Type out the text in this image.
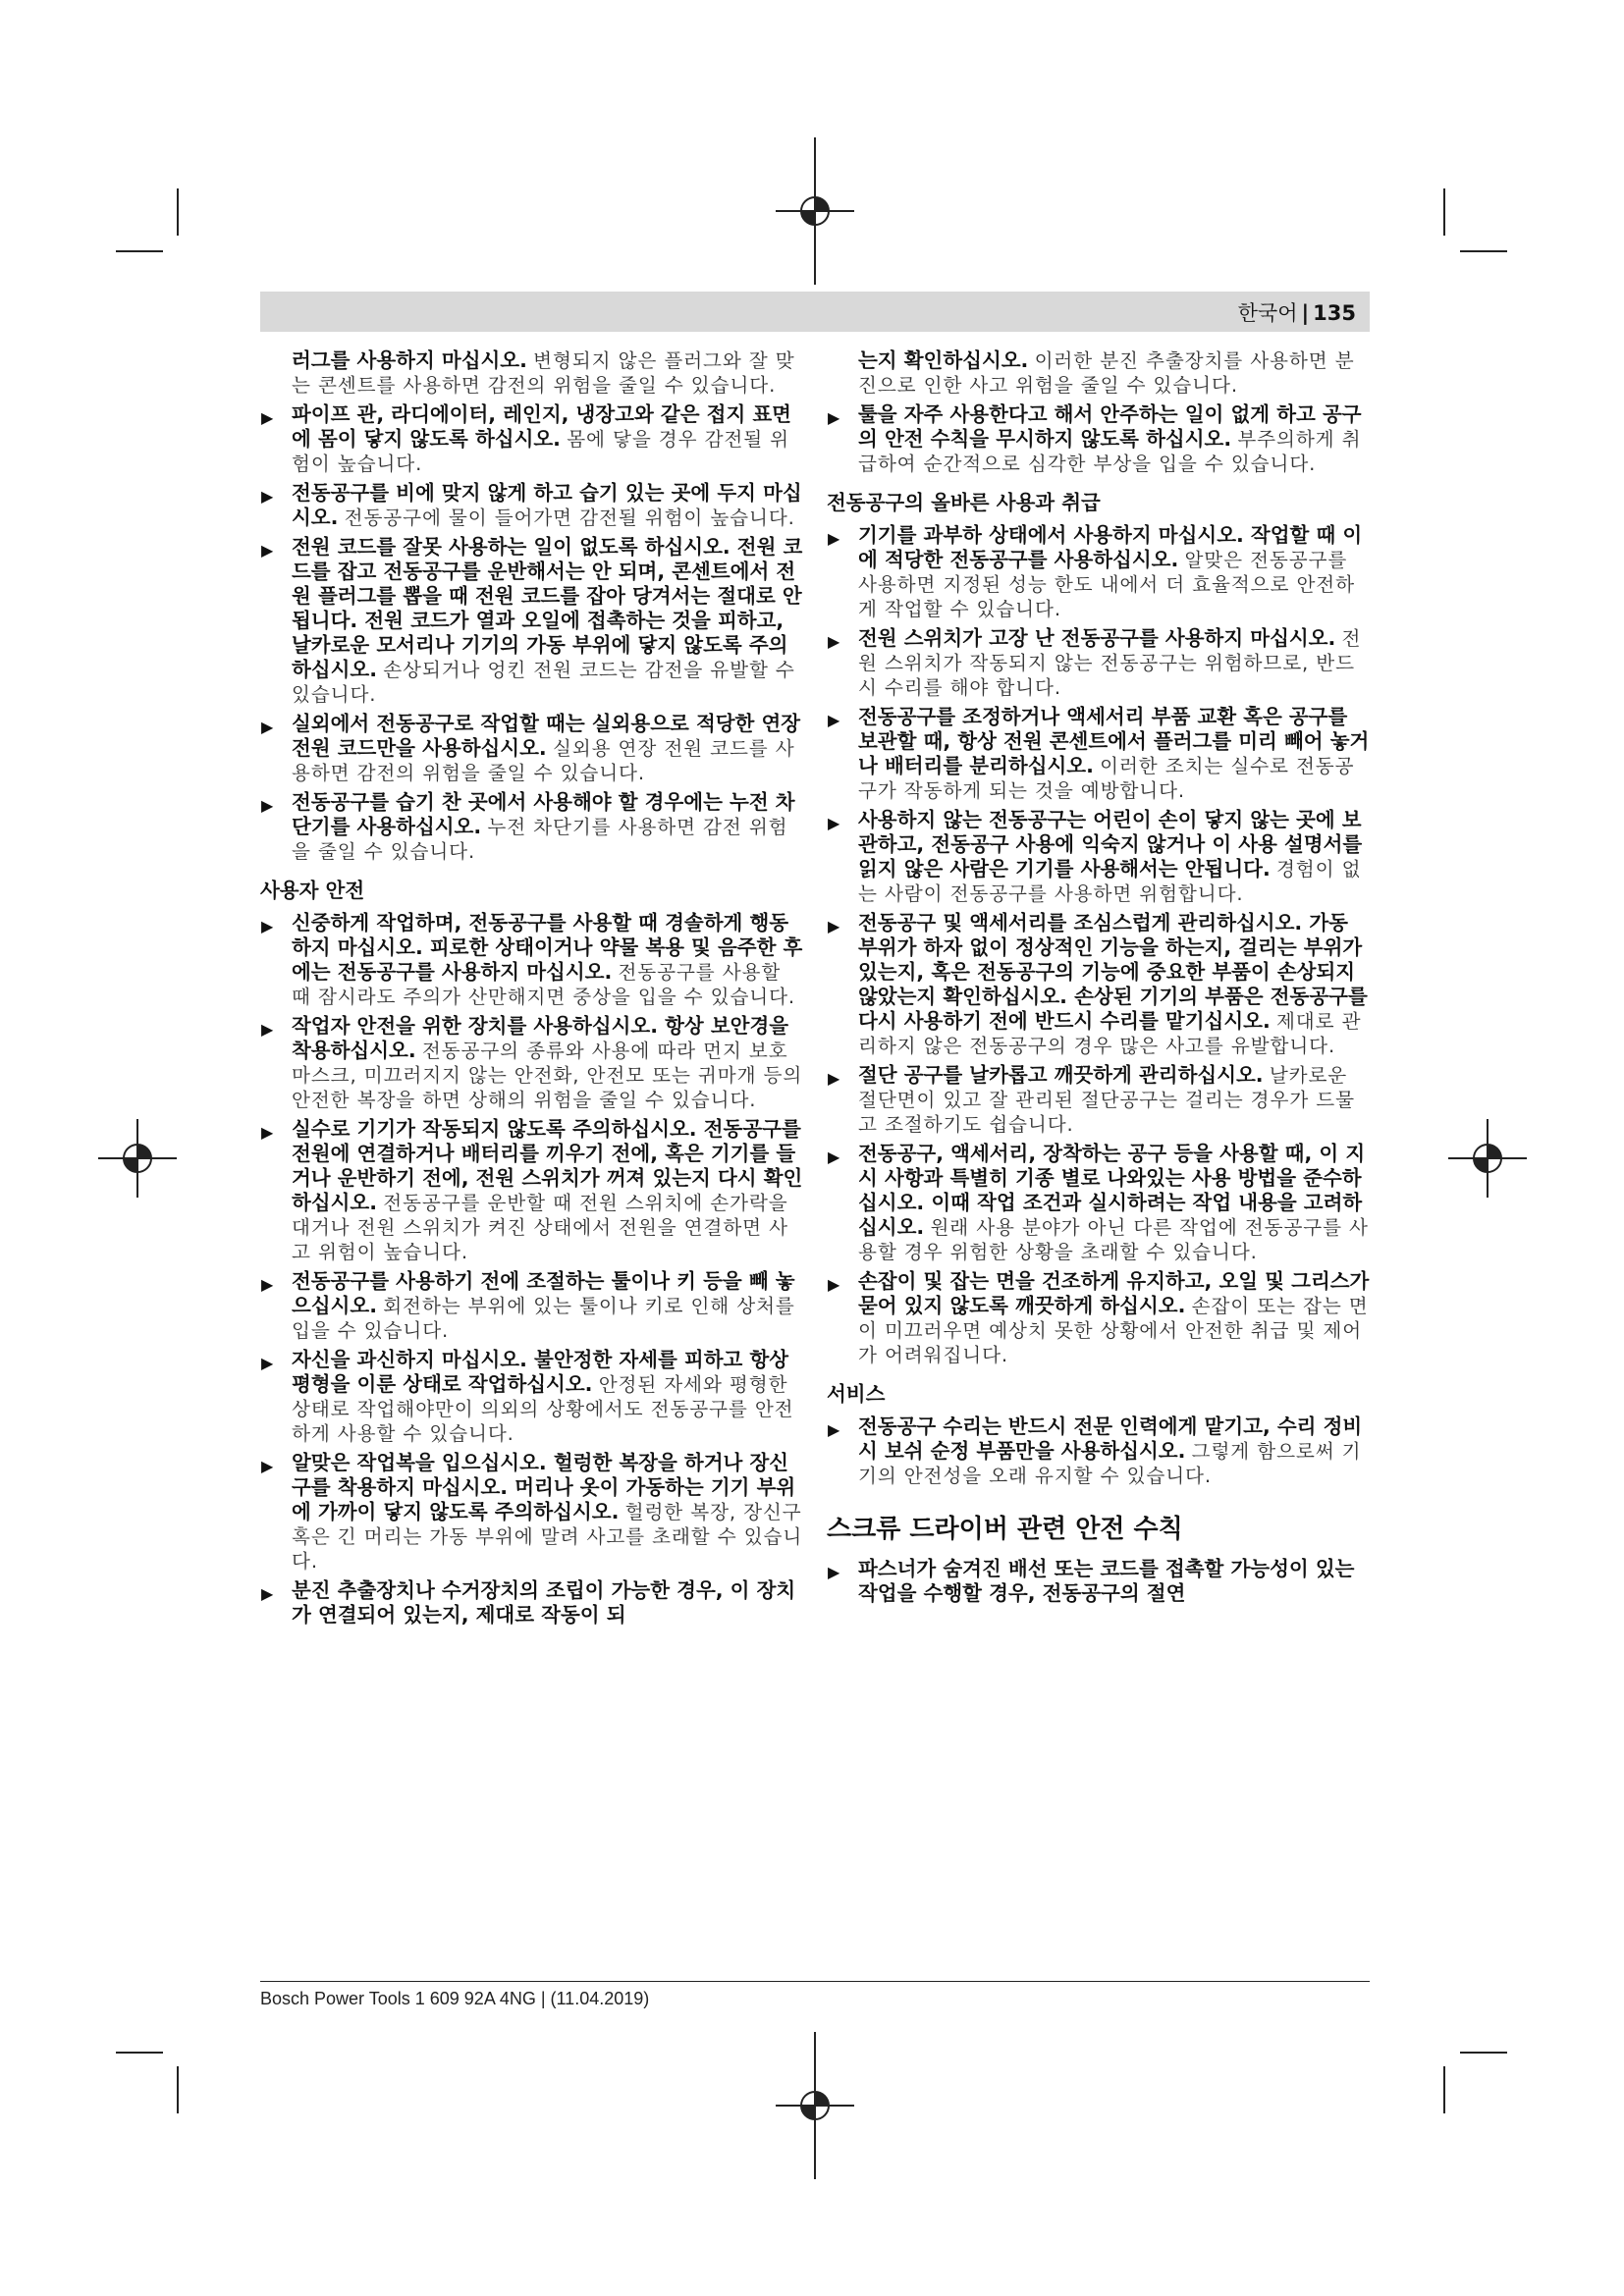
한국어 | 135
러그를 사용하지 마십시오. 변형되지 않은 플러그와 잘 맞는 콘센트를 사용하면 감전의 위험을 줄일 수 있습니다.
▶ 파이프 관, 라디에이터, 레인지, 냉장고와 같은 접지 표면에 몸이 닿지 않도록 하십시오. 몸에 닿을 경우 감전될 위험이 높습니다.
▶ 전동공구를 비에 맞지 않게 하고 습기 있는 곳에 두지 마십시오. 전동공구에 물이 들어가면 감전될 위험이 높습니다.
▶ 전원 코드를 잘못 사용하는 일이 없도록 하십시오. 전원 코드를 잡고 전동공구를 운반해서는 안 되며, 콘센트에서 전원 플러그를 뽑을 때 전원 코드를 잡아 당겨서는 절대로 안 됩니다. 전원 코드가 열과 오일에 접촉하는 것을 피하고, 날카로운 모서리나 기기의 가동 부위에 닿지 않도록 주의하십시오. 손상되거나 엉킨 전원 코드는 감전을 유발할 수 있습니다.
▶ 실외에서 전동공구로 작업할 때는 실외용으로 적당한 연장 전원 코드만을 사용하십시오. 실외용 연장 전원 코드를 사용하면 감전의 위험을 줄일 수 있습니다.
▶ 전동공구를 습기 찬 곳에서 사용해야 할 경우에는 누전 차단기를 사용하십시오. 누전 차단기를 사용하면 감전 위험을 줄일 수 있습니다.
사용자 안전
▶ 신중하게 작업하며, 전동공구를 사용할 때 경솔하게 행동하지 마십시오. 피로한 상태이거나 약물 복용 및 음주한 후에는 전동공구를 사용하지 마십시오. 전동공구를 사용할 때 잠시라도 주의가 산만해지면 중상을 입을 수 있습니다.
▶ 작업자 안전을 위한 장치를 사용하십시오. 항상 보안경을 착용하십시오. 전동공구의 종류와 사용에 따라 먼지 보호 마스크, 미끄러지지 않는 안전화, 안전모 또는 귀마개 등의 안전한 복장을 하면 상해의 위험을 줄일 수 있습니다.
▶ 실수로 기기가 작동되지 않도록 주의하십시오. 전동공구를 전원에 연결하거나 배터리를 끼우기 전에, 혹은 기기를 들거나 운반하기 전에, 전원 스위치가 꺼져 있는지 다시 확인하십시오. 전동공구를 운반할 때 전원 스위치에 손가락을 대거나 전원 스위치가 켜진 상태에서 전원을 연결하면 사고 위험이 높습니다.
▶ 전동공구를 사용하기 전에 조절하는 툴이나 키 등을 빼 놓으십시오. 회전하는 부위에 있는 툴이나 키로 인해 상처를 입을 수 있습니다.
▶ 자신을 과신하지 마십시오. 불안정한 자세를 피하고 항상 평형을 이룬 상태로 작업하십시오. 안정된 자세와 평형한 상태로 작업해야만이 의외의 상황에서도 전동공구를 안전하게 사용할 수 있습니다.
▶ 알맞은 작업복을 입으십시오. 헐렁한 복장을 하거나 장신구를 착용하지 마십시오. 머리나 옷이 가동하는 기기 부위에 가까이 닿지 않도록 주의하십시오. 헐렁한 복장, 장신구 혹은 긴 머리는 가동 부위에 말려 사고를 초래할 수 있습니다.
▶ 분진 추출장치나 수거장치의 조립이 가능한 경우, 이 장치가 연결되어 있는지, 제대로 작동이 되
는지 확인하십시오. 이러한 분진 추출장치를 사용하면 분진으로 인한 사고 위험을 줄일 수 있습니다.
▶ 툴을 자주 사용한다고 해서 안주하는 일이 없게 하고 공구의 안전 수칙을 무시하지 않도록 하십시오. 부주의하게 취급하여 순간적으로 심각한 부상을 입을 수 있습니다.
전동공구의 올바른 사용과 취급
▶ 기기를 과부하 상태에서 사용하지 마십시오. 작업할 때 이에 적당한 전동공구를 사용하십시오. 알맞은 전동공구를 사용하면 지정된 성능 한도 내에서 더 효율적으로 안전하게 작업할 수 있습니다.
▶ 전원 스위치가 고장 난 전동공구를 사용하지 마십시오. 전원 스위치가 작동되지 않는 전동공구는 위험하므로, 반드시 수리를 해야 합니다.
▶ 전동공구를 조정하거나 액세서리 부품 교환 혹은 공구를 보관할 때, 항상 전원 콘센트에서 플러그를 미리 빼어 놓거나 배터리를 분리하십시오. 이러한 조치는 실수로 전동공구가 작동하게 되는 것을 예방합니다.
▶ 사용하지 않는 전동공구는 어린이 손이 닿지 않는 곳에 보관하고, 전동공구 사용에 익숙지 않거나 이 사용 설명서를 읽지 않은 사람은 기기를 사용해서는 안됩니다. 경험이 없는 사람이 전동공구를 사용하면 위험합니다.
▶ 전동공구 및 액세서리를 조심스럽게 관리하십시오. 가동 부위가 하자 없이 정상적인 기능을 하는지, 걸리는 부위가 있는지, 혹은 전동공구의 기능에 중요한 부품이 손상되지 않았는지 확인하십시오. 손상된 기기의 부품은 전동공구를 다시 사용하기 전에 반드시 수리를 맡기십시오. 제대로 관리하지 않은 전동공구의 경우 많은 사고를 유발합니다.
▶ 절단 공구를 날카롭고 깨끗하게 관리하십시오. 날카로운 절단면이 있고 잘 관리된 절단공구는 걸리는 경우가 드물고 조절하기도 쉽습니다.
▶ 전동공구, 액세서리, 장착하는 공구 등을 사용할 때, 이 지시 사항과 특별히 기종 별로 나와있는 사용 방법을 준수하십시오. 이때 작업 조건과 실시하려는 작업 내용을 고려하십시오. 원래 사용 분야가 아닌 다른 작업에 전동공구를 사용할 경우 위험한 상황을 초래할 수 있습니다.
▶ 손잡이 및 잡는 면을 건조하게 유지하고, 오일 및 그리스가 묻어 있지 않도록 깨끗하게 하십시오. 손잡이 또는 잡는 면이 미끄러우면 예상치 못한 상황에서 안전한 취급 및 제어가 어려워집니다.
서비스
▶ 전동공구 수리는 반드시 전문 인력에게 맡기고, 수리 정비 시 보쉬 순정 부품만을 사용하십시오. 그렇게 함으로써 기기의 안전성을 오래 유지할 수 있습니다.
스크류 드라이버 관련 안전 수칙
▶ 파스너가 숨겨진 배선 또는 코드를 접촉할 가능성이 있는 작업을 수행할 경우, 전동공구의 절연
Bosch Power Tools 1 609 92A 4NG | (11.04.2019)
